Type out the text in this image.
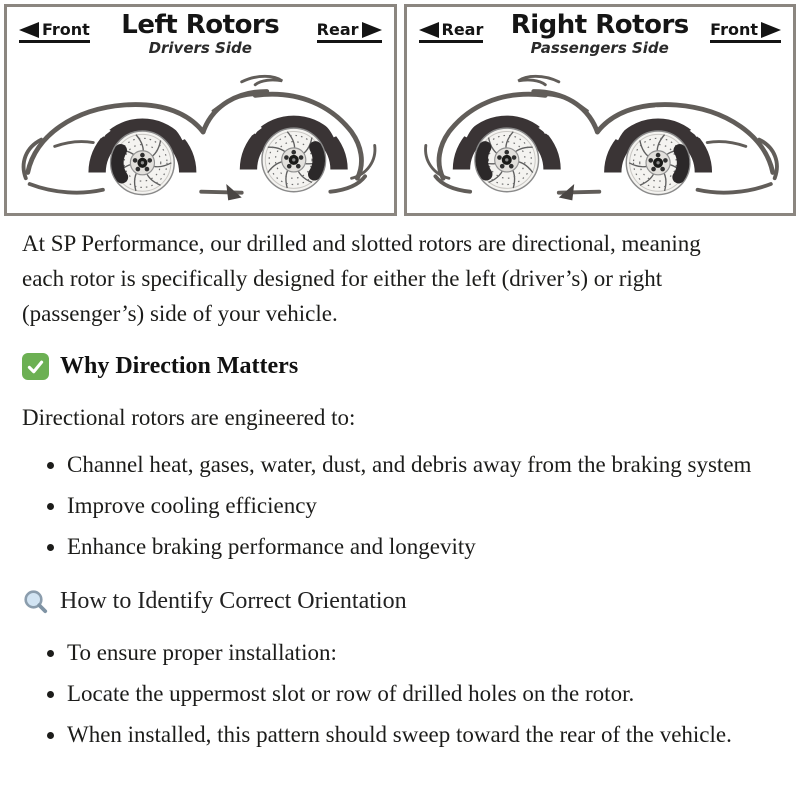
Front	Left Rotors
Drivers Side
Rear
Rotation
Rotation
Rear	Right Rotors
Passengers Side
Front
Rotation
Rotation

At SP Performance, our drilled and slotted rotors are directional, meaning each rotor is specifically designed for either the left (driver’s) or right (passenger’s) side of your vehicle.

Why Direction Matters

Directional rotors are engineered to:

• Channel heat, gases, water, dust, and debris away from the braking system
• Improve cooling efficiency
• Enhance braking performance and longevity
How to Identify Correct Orientation
• To ensure proper installation:
• Locate the uppermost slot or row of drilled holes on the rotor.
• When installed, this pattern should sweep toward the rear of the vehicle.
